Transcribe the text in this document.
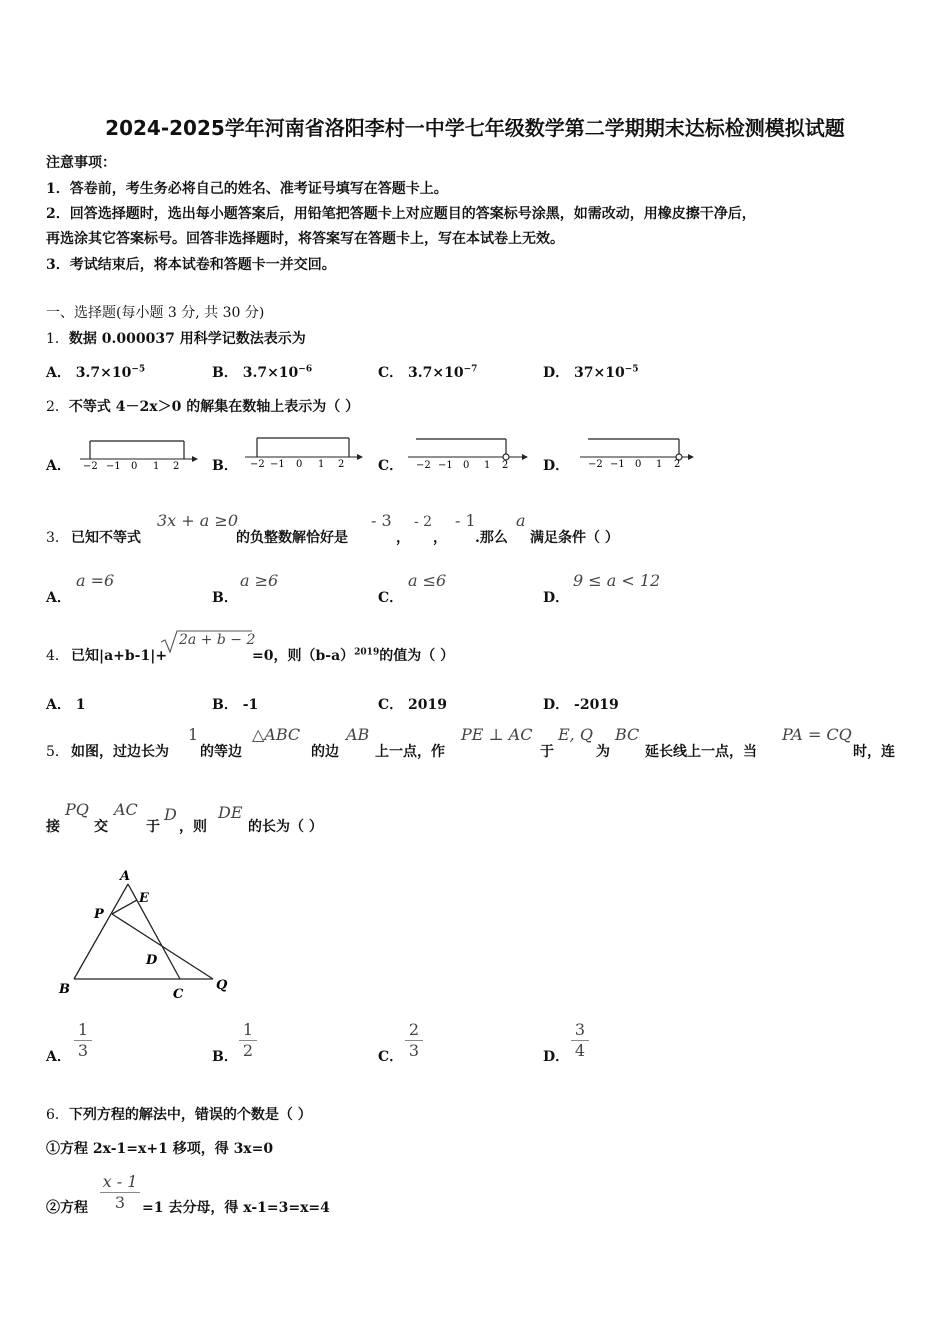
2024-2025学年河南省洛阳李村一中学七年级数学第二学期期末达标检测模拟试题
注意事项：
1．答卷前，考生务必将自己的姓名、准考证号填写在答题卡上。
2．回答选择题时，选出每小题答案后，用铅笔把答题卡上对应题目的答案标号涂黑，如需改动，用橡皮擦干净后，
再选涂其它答案标号。回答非选择题时，将答案写在答题卡上，写在本试卷上无效。
3．考试结束后，将本试卷和答题卡一并交回。
一、选择题(每小题 3 分, 共 30 分)
1．数据 0.000037 用科学记数法表示为
A． $3.7\times 10^{-5}$	B． $3.7\times 10^{-6}$	C． $3.7\times 10^{-7}$	D． $37\times 10^{-5}$
2．不等式 4－2x＞0 的解集在数轴上表示为（ ）
A． −2 −1 0 1 2 B． −2 −1 0 1 2 C． −2 −1 0 1 2 D． −2 −1 0 1 2
3． 已知不等式
3x + a ≥0
的负整数解恰好是
- 3
，
- 2
，
- 1
.那么
a
满足条件（ ）
A．
a =6
B．
a ≥6
C．
a ≤6
D．
9 ≤ a < 12
4． 已知|a+b-1|+
2a + b − 2
=0，则$(b-a)^{2019}$的值为（ ）
A． 1	B． -1	C． 2019	D． -2019
5． 如图，过边长为
1
的等边
△ABC
的边
AB
上一点，作
PE ⊥ AC
于
E, Q
为
BC
延长线上一点，当
PA = CQ
时，连
接
PQ
交
AC
于
D
，则
DE
的长为（ ）
A
E
P
D
B	C
Q
A． $\frac{1}{3}$	B． $\frac{1}{2}$	C． $\frac{2}{3}$	D． $\frac{3}{4}$
6．下列方程的解法中，错误的个数是（ ）
①方程 2x-1=x+1 移项，得 3x=0
②方程 $\frac{x - 1}{3} =1$ 去分母，得 x-1=3=x=4
